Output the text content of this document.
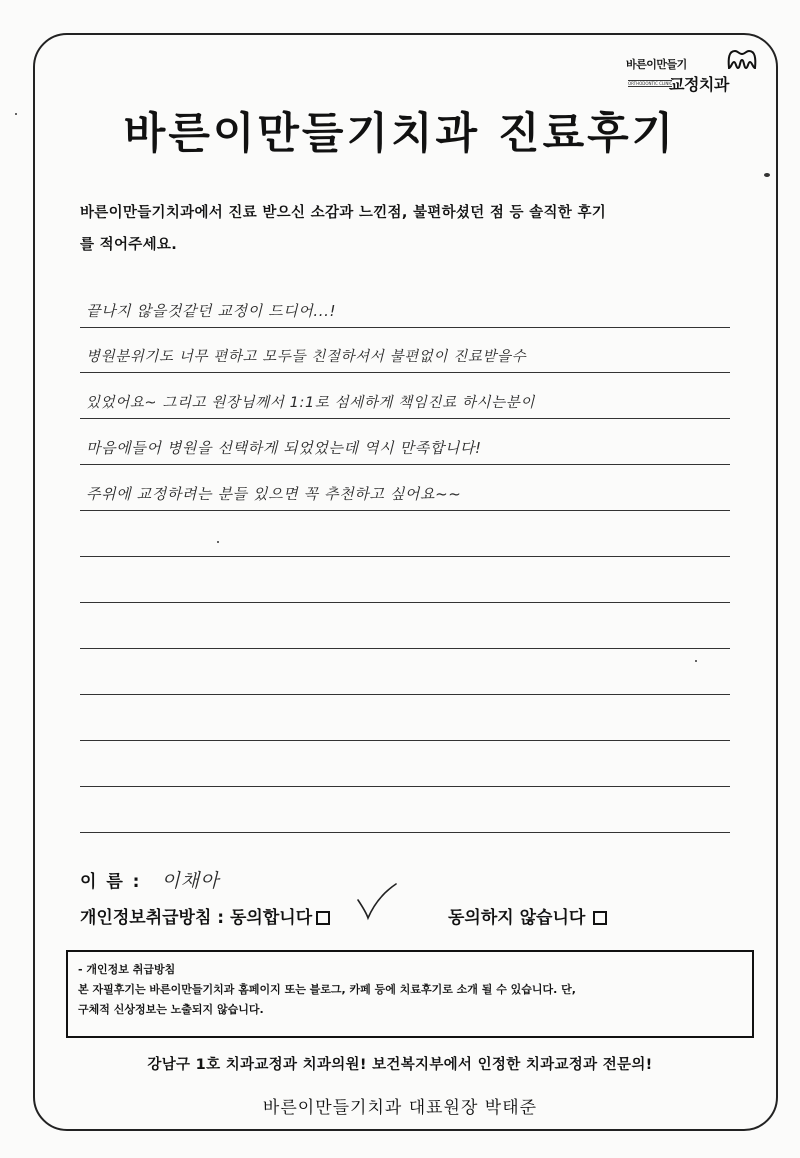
바른이만들기
ORTHODONTIC CLINIC
교정치과
바른이만들기치과 진료후기
바른이만들기치과에서 진료 받으신 소감과 느낀점, 불편하셨던 점 등 솔직한 후기
를 적어주세요.
끝나지 않을것같던 교정이 드디어...!
병원분위기도 너무 편하고 모두들 친절하셔서 불편없이 진료받을수
있었어요~ 그리고 원장님께서 1:1로 섬세하게 책임진료 하시는분이
마음에들어 병원을 선택하게 되었었는데 역시 만족합니다!
주위에 교정하려는 분들 있으면 꼭 추천하고 싶어요~~
이 름 : 이채아
개인정보취급방침 : 동의합니다	동의하지 않습니다
- 개인정보 취급방침
본 자필후기는 바른이만들기치과 홈페이지 또는 블로그, 카페 등에 치료후기로 소개 될 수 있습니다. 단,
구체적 신상정보는 노출되지 않습니다.
강남구 1호 치과교정과 치과의원! 보건복지부에서 인정한 치과교정과 전문의!
바른이만들기치과 대표원장 박태준
